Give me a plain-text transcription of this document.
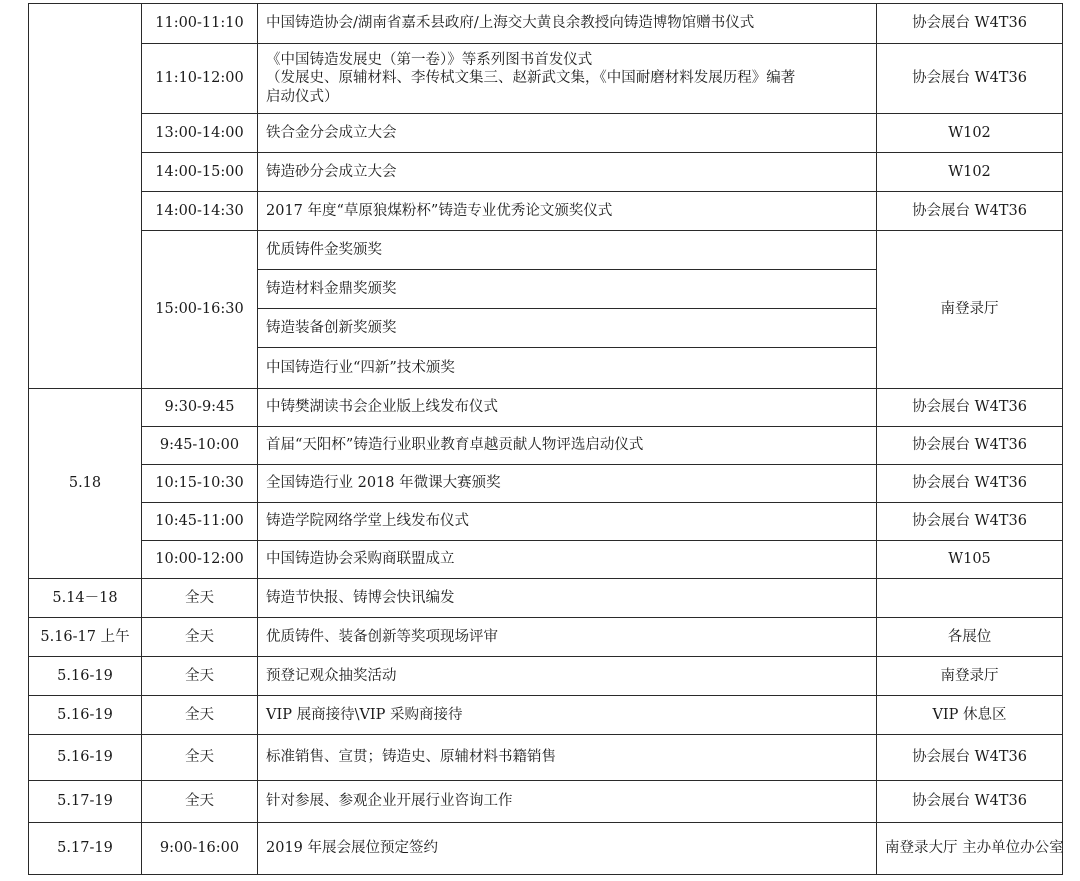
	11:00-11:10	中国铸造协会/湖南省嘉禾县政府/上海交大黄良余教授向铸造博物馆赠书仪式	协会展台 W4T36
	11:10-12:00	《中国铸造发展史（第一卷）》等系列图书首发仪式
（发展史、原辅材料、李传栻文集三、赵新武文集，《中国耐磨材料发展历程》编著
启动仪式）	协会展台 W4T36
	13:00-14:00	铁合金分会成立大会	W102
	14:00-15:00	铸造砂分会成立大会	W102
	14:00-14:30	2017 年度“草原狼煤粉杯”铸造专业优秀论文颁奖仪式	协会展台 W4T36
	15:00-16:30	优质铸件金奖颁奖	南登录厅
		铸造材料金鼎奖颁奖	
		铸造装备创新奖颁奖	
		中国铸造行业“四新”技术颁奖	
5.18	9:30-9:45	中铸樊湖读书会企业版上线发布仪式	协会展台 W4T36
	9:45-10:00	首届“天阳杯”铸造行业职业教育卓越贡献人物评选启动仪式	协会展台 W4T36
	10:15-10:30	全国铸造行业 2018 年微课大赛颁奖	协会展台 W4T36
	10:45-11:00	铸造学院网络学堂上线发布仪式	协会展台 W4T36
	10:00-12:00	中国铸造协会采购商联盟成立	W105
5.14－18	全天	铸造节快报、铸博会快讯编发	
5.16-17 上午	全天	优质铸件、装备创新等奖项现场评审	各展位
5.16-19	全天	预登记观众抽奖活动	南登录厅
5.16-19	全天	VIP 展商接待\VIP 采购商接待	VIP 休息区
5.16-19	全天	标准销售、宣贯；铸造史、原辅材料书籍销售	协会展台 W4T36
5.17-19	全天	针对参展、参观企业开展行业咨询工作	协会展台 W4T36
5.17-19	9:00-16:00	2019 年展会展位预定签约	南登录大厅 主办单位办公室
